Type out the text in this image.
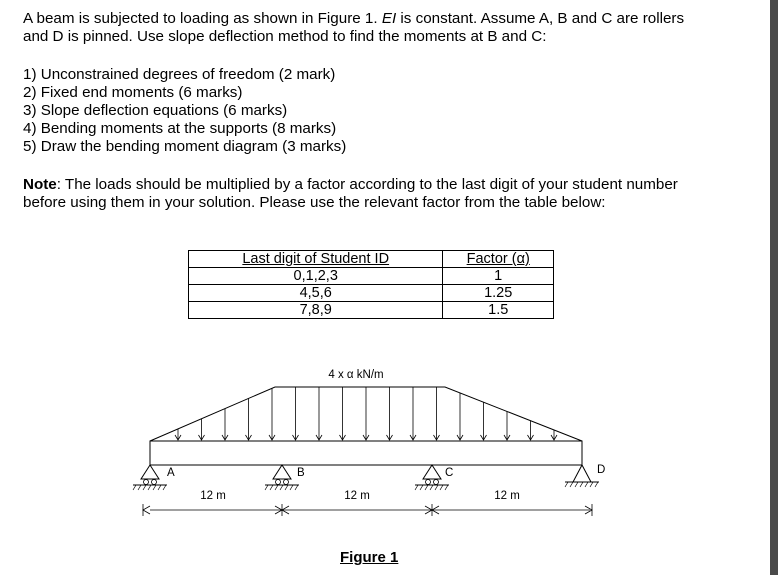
A beam is subjected to loading as shown in Figure 1. EI is constant. Assume A, B and C are rollers
and D is pinned. Use slope deflection method to find the moments at B and C:

1) Unconstrained degrees of freedom (2 mark)
2) Fixed end moments (6 marks)
3) Slope deflection equations (6 marks)
4) Bending moments at the supports (8 marks)
5) Draw the bending moment diagram (3 marks)

Note: The loads should be multiplied by a factor according to the last digit of your student number
before using them in your solution. Please use the relevant factor from the table below:

Last digit of Student ID	Factor (α)
0,1,2,3	1
4,5,6	1.25
7,8,9	1.5
4 x α kN/m
A	B	C	D
12 m	12 m	12 m
Figure 1
